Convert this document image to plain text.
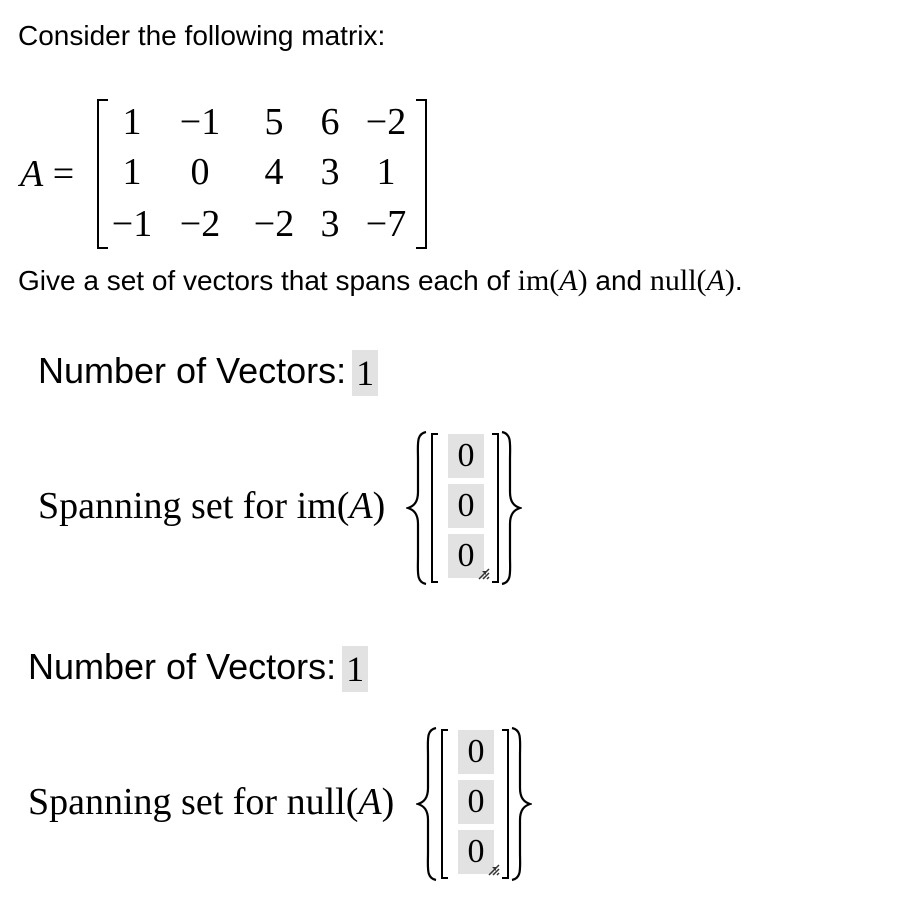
Consider the following matrix:
A =
1	−1	5 6 −2
1	0	4 3 1
−1 −2 −2 3 −7
Give a set of vectors that spans each of im(A) and null(A).
Number of Vectors: 1
Spanning set for im(A)
0
0
0
Number of Vectors: 1
Spanning set for null(A)
0
0
0
